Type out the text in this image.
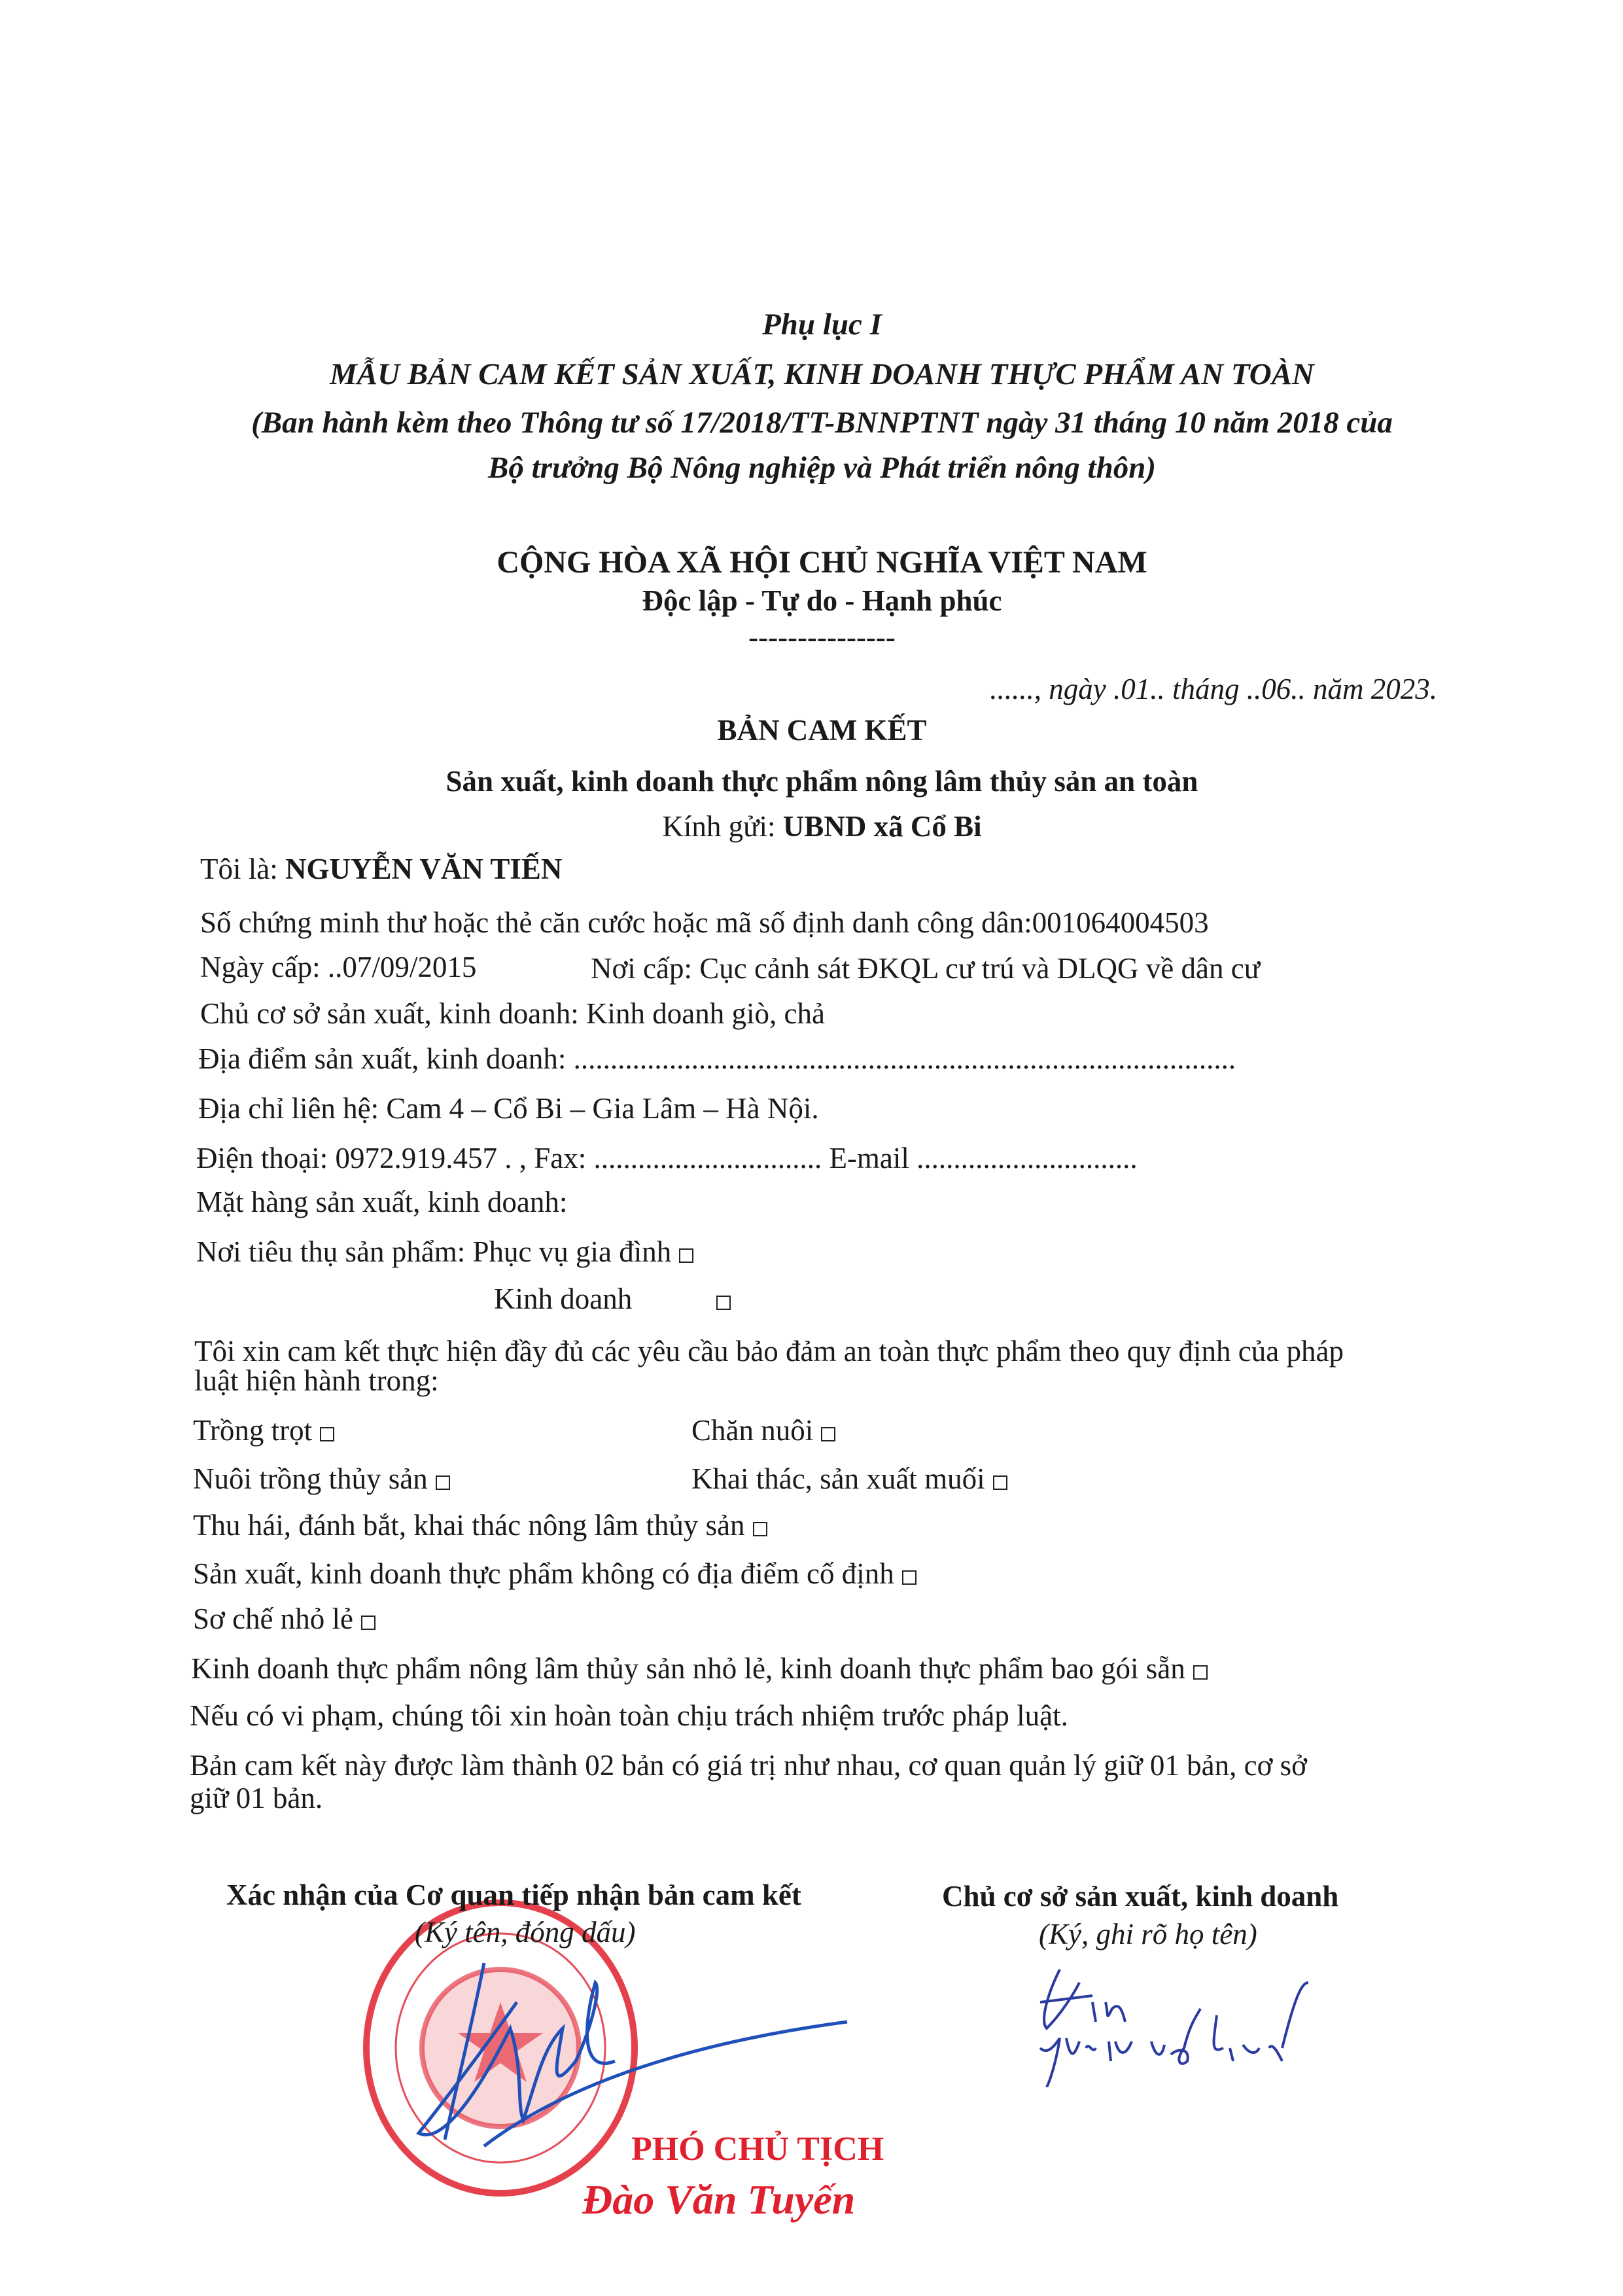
Phụ lục I
MẪU BẢN CAM KẾT SẢN XUẤT, KINH DOANH THỰC PHẨM AN TOÀN
(Ban hành kèm theo Thông tư số 17/2018/TT-BNNPTNT ngày 31 tháng 10 năm 2018 của
Bộ trưởng Bộ Nông nghiệp và Phát triển nông thôn)
CỘNG HÒA XÃ HỘI CHỦ NGHĨA VIỆT NAM
Độc lập - Tự do - Hạnh phúc
---------------
......, ngày .01.. tháng ..06.. năm 2023.
BẢN CAM KẾT
Sản xuất, kinh doanh thực phẩm nông lâm thủy sản an toàn
Kính gửi: UBND xã Cổ Bi
Tôi là: NGUYỄN VĂN TIẾN
Số chứng minh thư hoặc thẻ căn cước hoặc mã số định danh công dân:001064004503
Ngày cấp: ..07/09/2015	Nơi cấp: Cục cảnh sát ĐKQL cư trú và DLQG về dân cư
Chủ cơ sở sản xuất, kinh doanh: Kinh doanh giò, chả
Địa điểm sản xuất, kinh doanh: ..........................................................................................
Địa chỉ liên hệ: Cam 4 – Cổ Bi – Gia Lâm – Hà Nội.
Điện thoại: 0972.919.457 . , Fax: ............................... E-mail ..............................
Mặt hàng sản xuất, kinh doanh:
Nơi tiêu thụ sản phẩm: Phục vụ gia đình
Kinh doanh
Tôi xin cam kết thực hiện đầy đủ các yêu cầu bảo đảm an toàn thực phẩm theo quy định của pháp
luật hiện hành trong:
Trồng trọt	Chăn nuôi
Nuôi trồng thủy sản	Khai thác, sản xuất muối
Thu hái, đánh bắt, khai thác nông lâm thủy sản
Sản xuất, kinh doanh thực phẩm không có địa điểm cố định
Sơ chế nhỏ lẻ
Kinh doanh thực phẩm nông lâm thủy sản nhỏ lẻ, kinh doanh thực phẩm bao gói sẵn
Nếu có vi phạm, chúng tôi xin hoàn toàn chịu trách nhiệm trước pháp luật.
Bản cam kết này được làm thành 02 bản có giá trị như nhau, cơ quan quản lý giữ 01 bản, cơ sở
giữ 01 bản.
PHÓ CHỦ TỊCH
Đào Văn Tuyến
Xác nhận của Cơ quan tiếp nhận bản cam kết
(Ký tên, đóng dấu)
Chủ cơ sở sản xuất, kinh doanh
(Ký, ghi rõ họ tên)
